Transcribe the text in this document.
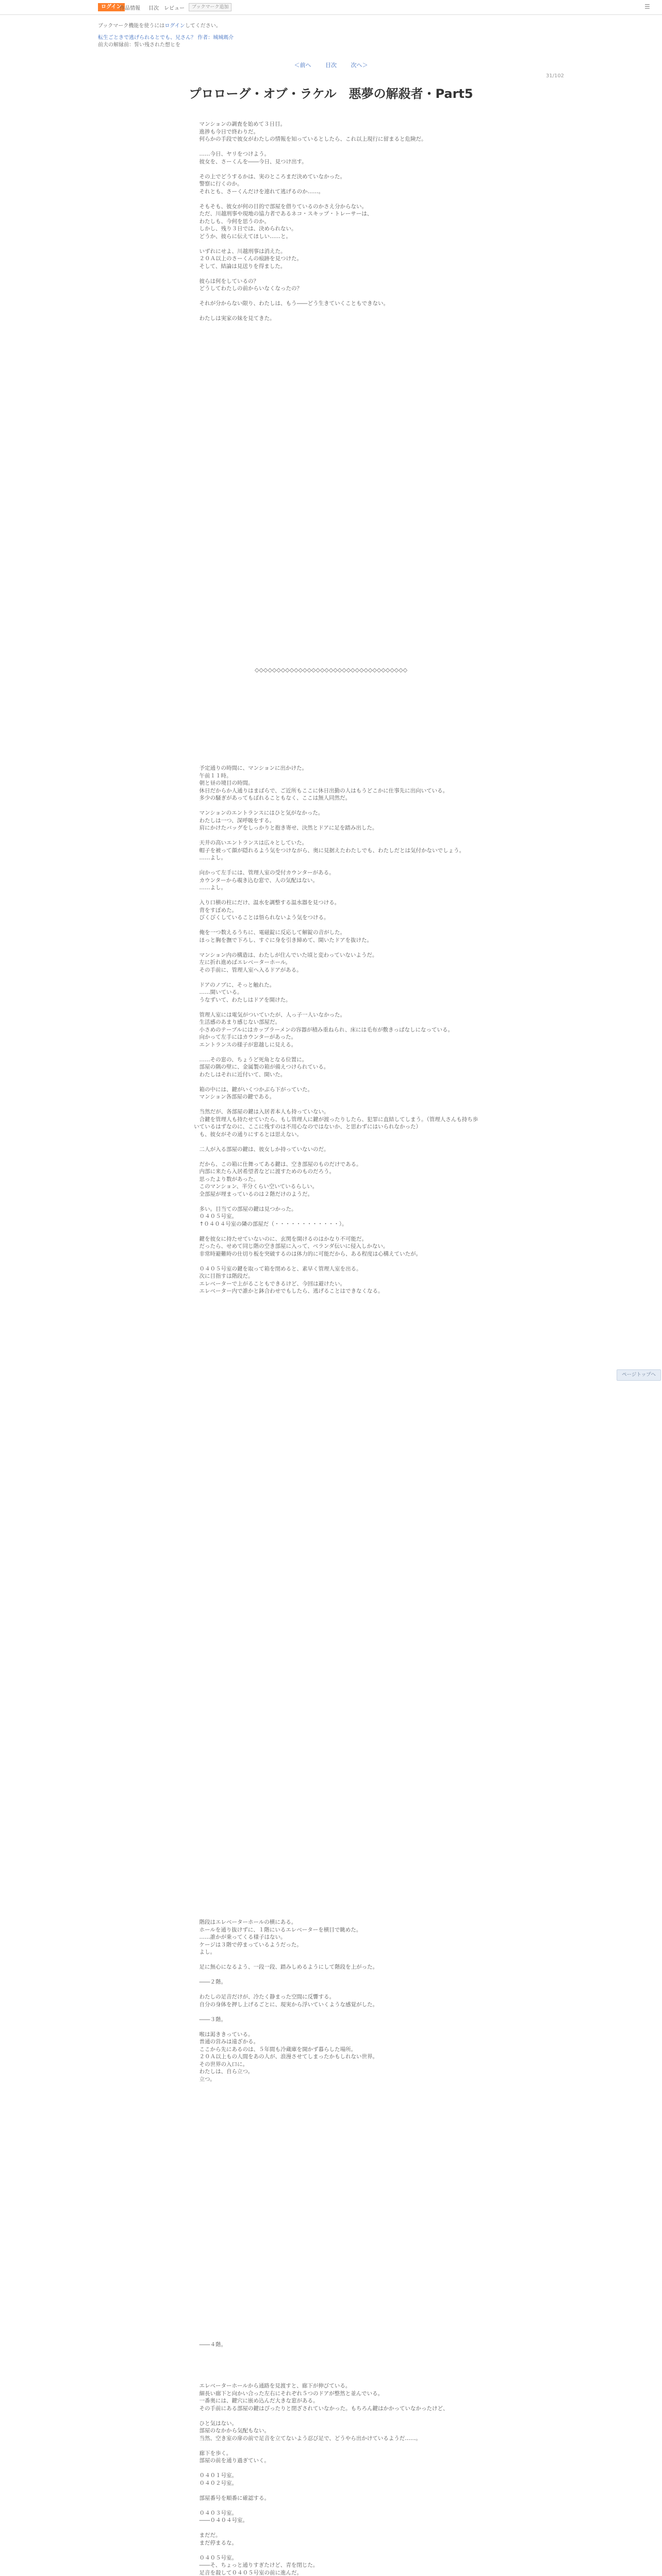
ログイン
作品情報 目次 レビュー	ブックマーク追加	☰
ブックマーク機能を使うにはログインしてください。
転生ごときで逃げられるとでも、兄さん？ 作者：城城瑪介
前夫の解縁前：誓い残された想ヒを
＜前へ	目次	次へ＞
31/102
プロローグ・オブ・ラケル　悪夢の解殺者・Part5

　マンションの調査を始めて３日目。

　進捗も今日で終わりだ。

　何らかの手段で彼女がわたしの情報を知っているとしたら、これ以上現行に留まると危険だ。

　……今日、ヤリをつけよう。

　彼女を、さーくんを――今日、見つけ出す。

　その上でどうするかは、実のところまだ決めていなかった。

　警察に行くのか。

　それとも、さーくんだけを連れて逃げるのか……。

　そもそも、彼女が何の目的で部屋を借りているのかさえ分からない。

　ただ、川越刑事や現地の協力者であるネコ・スキップ・トレーサーは、

　わたしも、今何を思うのか。

　しかし、残り３日では、決められない。

　どうか、彼らに伝えてほしい……と。

　いずれにせよ、川越刑事は消えた。

　２０Ａ以上のさーくんの痕跡を見つけた。

　そして、結論は見送りを得ました。

　彼らは何をしているの？

　どうしてわたしの前からいなくなったの？

　それが分からない限り、わたしは、もう――どう生きていくこともできない。

　わたしは実家の妹を見てきた。

◇◇◇◇◇◇◇◇◇◇◇◇◇◇◇◇◇◇◇◇◇◇◇◇◇◇◇◇◇◇◇◇◇◇◇

　予定通りの時間に、マンションに出かけた。

　午前１１時。

　朝と昼の境目の時間。

　休日だからか人通りはまばらで、ご近所もここに休日出勤の人はもうどこかに仕事先に出向いている。

　多少の騒ぎがあってもばれることもなく、ここは無人同然だ。

　マンションのエントランスにはひと気がなかった。

　わたしは一つ、深呼吸をする。

　肩にかけたバッグをしっかりと抱き寄せ、決然とドアに足を踏み出した。

　天井の高いエントランスは広々としていた。

　帽子を被って顔が隠れるよう気をつけながら、奥に見据えたわたしでも、わたしだとは気付かないでしょう。

　……よし。

　向かって左手には、管理人室の受付カウンターがある。

　カウンターから覗き込む窓で、人の気配はない。

　……よし。

　入り口横の柱にだけ、温水を調整する温水器を見つける。

　背をすぼめた。

　びくびくしていることは悟られないよう気をつける。

　俺を一つ数えるうちに、電磁錠に反応して解錠の音がした。

　ほっと胸を撫で下ろし、すぐに身を引き締めて、開いたドアを抜けた。

　マンション内の構造は、わたしが住んでいた頃と変わっていないようだ。

　左に折れ進めばエレベーターホール。

　その手前に、管理人室へ入るドアがある。

　ドアのノブに、そっと触れた。

　……開いている。

　うなずいて、わたしはドアを開けた。

　管理人室には電気がついていたが、人っ子一人いなかった。

　生活感のあまり感じない部屋だ。

　小さめのテーブルにはカップラーメンの容器が積み重ねられ、床には毛布が敷きっぱなしになっている。

　向かって左手にはカウンターがあった。

　エントランスの様子が窓越しに見える。

　……その窓の、ちょうど死角となる位置に。

　部屋の隅の壁に、金属製の箱が備えつけられている。

　わたしはそれに近付いて、開いた。

　箱の中には、鍵がいくつかぶら下がっていた。

　マンション各部屋の鍵である。

　当然だが、各部屋の鍵は入居者本人も持っていない。

　合鍵を管理人も持たせていたら、もし管理人に鍵が渡ったりしたら、犯罪に直結してしまう。（管理人さんも持ち歩いているはずなのに、ここに残すのは不用心なのではないか、と思わずにはいられなかった）

　も、彼女がその通りにするとは思えない。

　二人が入る部屋の鍵は、彼女しか持っていないのだ。

　だから、この箱に仕舞ってある鍵は、空き部屋のものだけである。

　内部に来たら入居希望者などに渡すためのものだろう。

　思ったより数があった。

　このマンション、半分くらい空いているらしい。

　全部屋が埋まっているのは２階だけのようだ。

　多い。目当ての部屋の鍵は見つかった。

　０４０５号室。

　↑０４０４号室の隣の部屋だ（・・・・・・・・・・・・）。

　鍵を彼女に持たせていないのに、玄関を開けるのはかなり不可能だ。

　だったら、せめて同じ階の空き部屋に入って、ベランダ伝いに侵入しかない。

　非常時避難時の仕切り板を突破するのは体力的に可能だから、ある程度は心構えていたが。

　０４０５号室の鍵を取って箱を閉めると、素早く管理人室を出る。

　次に目指すは階段だ。

　エレベーターで上がることもできるけど、今回は避けたい。

　エレベーター内で誰かと鉢合わせでもしたら、逃げることはできなくなる。

　階段はエレベーターホールの横にある。

　ホールを通り抜けずに、１階にいるエレベーターを横目で眺めた。

　……誰かが乗ってくる様子はない。

　ケージは３階で停まっているようだった。

　よし。

　足に無心になるよう、一段一段、踏みしめるようにして階段を上がった。

　――２階。

　わたしの足音だけが、冷たく静まった空間に反響する。

　自分の身体を押し上げるごとに、現実から浮いていくような感覚がした。

　――３階。

　喉は渇ききっている。

　普通の営みは遠ざかる。

　ここから先にあるのは、５年間も冷蔵庫を開かず暮らした場所。

　２０Ａ以上もの人間をあの人が、浪漫させてしまったかもしれない世界。

　その世界の入口に。

　わたしは、自ら立つ。

　立つ。

　――４階。

　エレベーターホールから通路を見渡すと、廊下が伸びている。

　細長い廊下と向かい合った左右にそれぞれ５つのドアが整然と並んでいる。

　一番奥には、鍵穴に嵌め込んだ大きな窓がある。

　その手前にある部屋の鍵はぴったりと閉ざされていなかった。もちろん鍵はかかっていなかったけど、

　ひと気はない。

　部屋のなかから気配もない。

　当然、空き室の扉の前で足音を立てないよう忍び足で、どうやら出かけているようだ……。

　廊下を歩く。

　部屋の前を通り過ぎていく。

　０４０１号室。

　０４０２号室。

　部屋番号を順番に確認する。

　０４０３号室。

　――０４０４号室。

　まだだ。

　まだ停まるな。

　０４０５号室。

　――そ、ちょっと通りすぎたけど、青を閉じた。

　足音を殺して０４０５号室の前に進んだ。

ページトップへ
